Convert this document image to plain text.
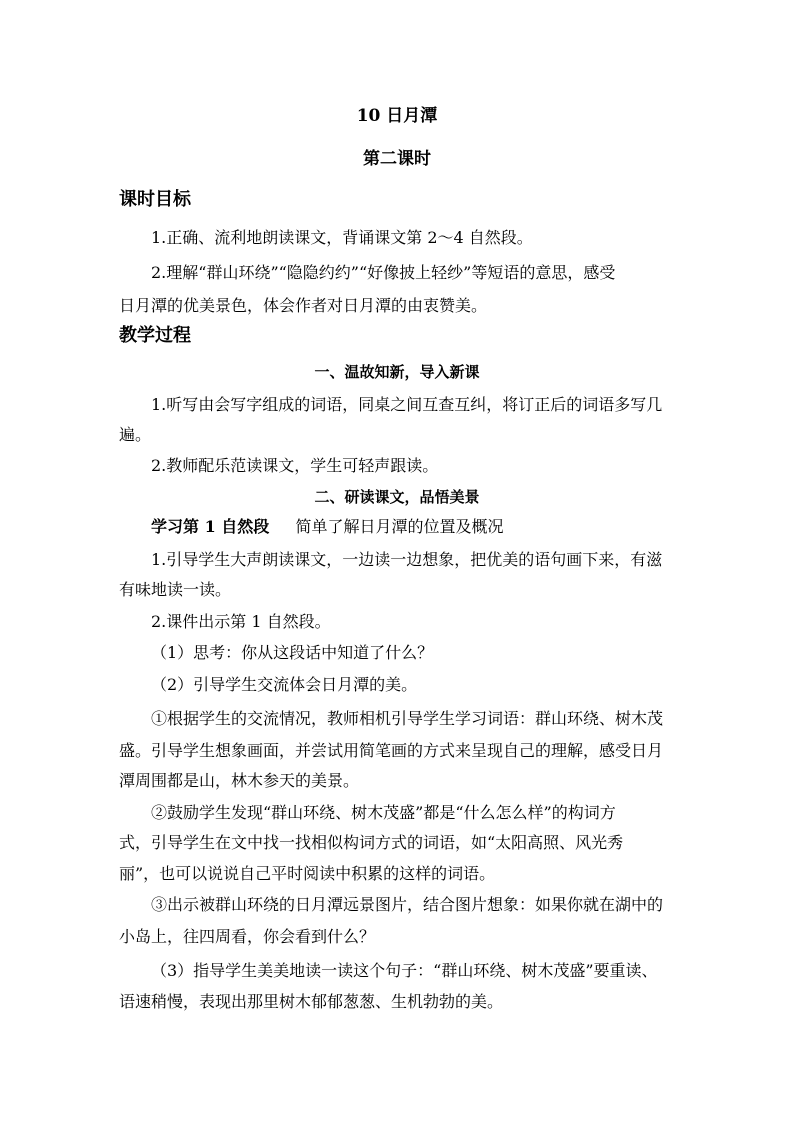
10 日月潭
第二课时
课时目标
1.正确、流利地朗读课文，背诵课文第 2～4 自然段。
2.理解“群山环绕”“隐隐约约”“好像披上轻纱”等短语的意思，感受
日月潭的优美景色，体会作者对日月潭的由衷赞美。
教学过程
一、温故知新，导入新课
1.听写由会写字组成的词语，同桌之间互查互纠，将订正后的词语多写几
遍。
2.教师配乐范读课文，学生可轻声跟读。
二、研读课文，品悟美景
学习第 1 自然段 简单了解日月潭的位置及概况
1.引导学生大声朗读课文，一边读一边想象，把优美的语句画下来，有滋
有味地读一读。
2.课件出示第 1 自然段。
（1）思考：你从这段话中知道了什么？
（2）引导学生交流体会日月潭的美。
①根据学生的交流情况，教师相机引导学生学习词语：群山环绕、树木茂
盛。引导学生想象画面，并尝试用简笔画的方式来呈现自己的理解，感受日月
潭周围都是山，林木参天的美景。
②鼓励学生发现“群山环绕、树木茂盛”都是“什么怎么样”的构词方
式，引导学生在文中找一找相似构词方式的词语，如“太阳高照、风光秀
丽”，也可以说说自己平时阅读中积累的这样的词语。
③出示被群山环绕的日月潭远景图片，结合图片想象：如果你就在湖中的
小岛上，往四周看，你会看到什么？
（3）指导学生美美地读一读这个句子：“群山环绕、树木茂盛”要重读、
语速稍慢，表现出那里树木郁郁葱葱、生机勃勃的美。
